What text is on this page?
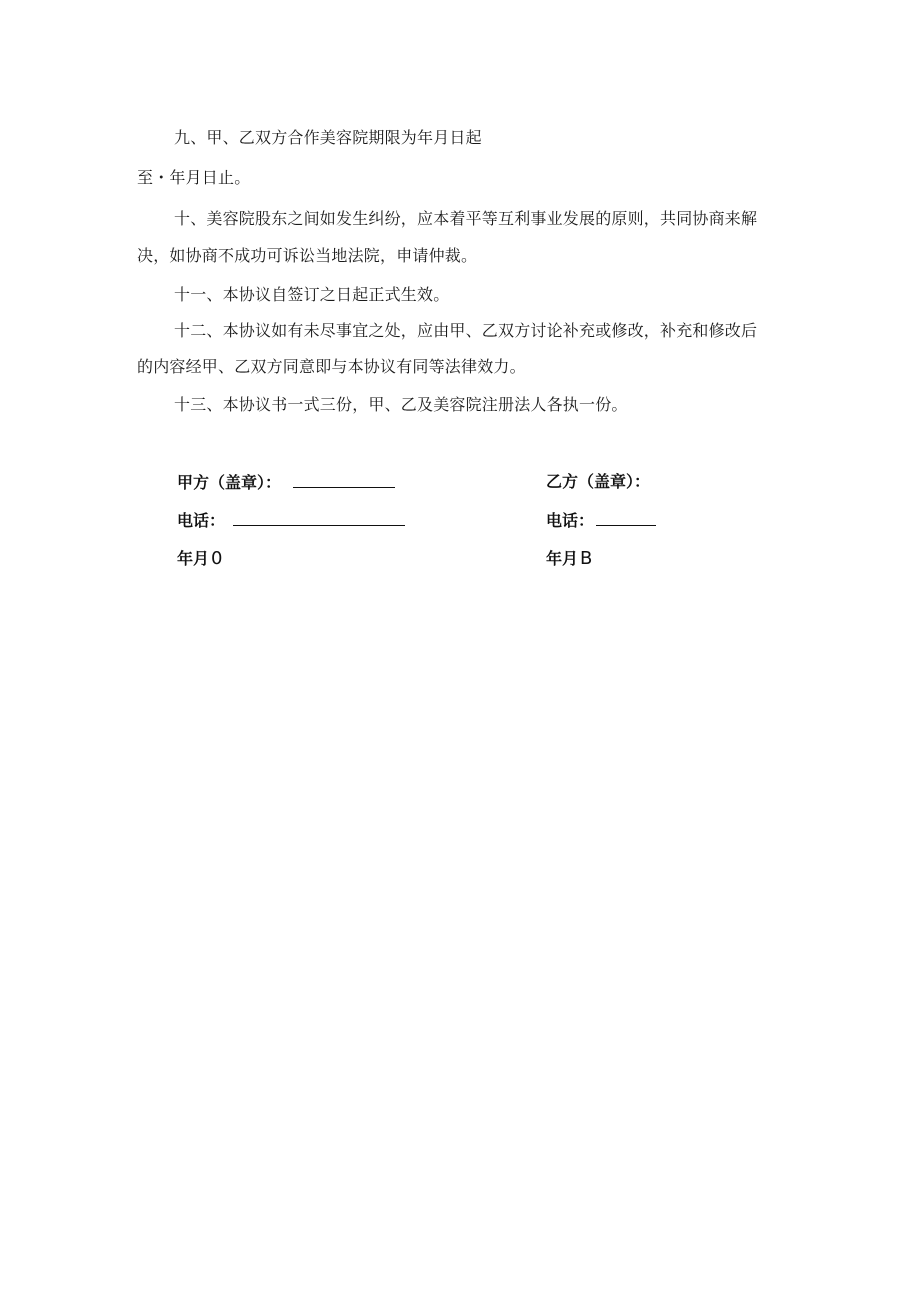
九、甲、乙双方合作美容院期限为年月日起
至・年月日止。
十、美容院股东之间如发生纠纷，应本着平等互利事业发展的原则，共同协商来解
决，如协商不成功可诉讼当地法院，申请仲裁。
十一、本协议自签订之日起正式生效。
十二、本协议如有未尽事宜之处，应由甲、乙双方讨论补充或修改，补充和修改后
的内容经甲、乙双方同意即与本协议有同等法律效力。
十三、本协议书一式三份，甲、乙及美容院注册法人各执一份。
甲方（盖章）：
电话：
年月 0
乙方（盖章）：
电话：
年月 B
